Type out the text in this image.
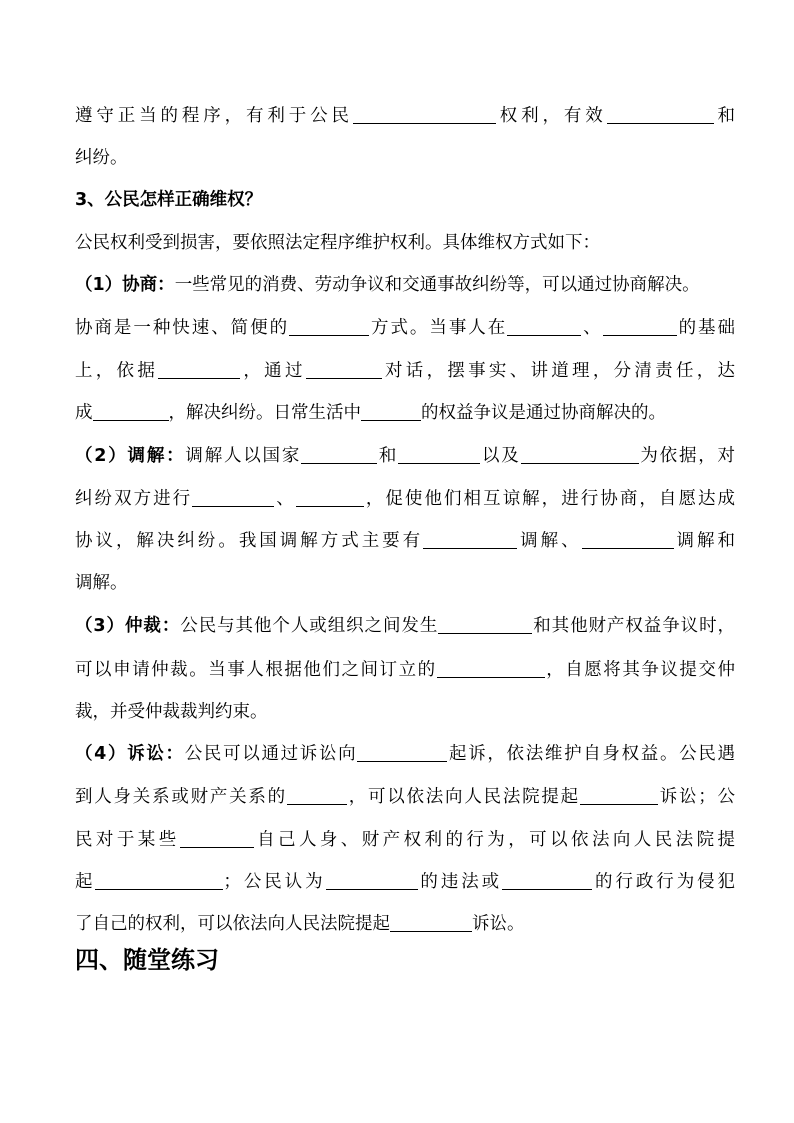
遵守正当的程序，有利于公民	权利，有效	和
纠纷。
3、公民怎样正确维权？
公民权利受到损害，要依照法定程序维护权利。具体维权方式如下：
（1）协商：一些常见的消费、劳动争议和交通事故纠纷等，可以通过协商解决。
协商是一种快速、简便的	方式。当事人在	、	的基础
上，依据	，通过	对话，摆事实、讲道理，分清责任，达
成	，解决纠纷。日常生活中	的权益争议是通过协商解决的。
（2）调解：调解人以国家	和	以及	为依据，对
纠纷双方进行	、	，促使他们相互谅解，进行协商，自愿达成
协议，解决纠纷。我国调解方式主要有	调解、	调解和
调解。
（3）仲裁：公民与其他个人或组织之间发生	和其他财产权益争议时，
可以申请仲裁。当事人根据他们之间订立的	，自愿将其争议提交仲
裁，并受仲裁裁判约束。
（4）诉讼：公民可以通过诉讼向	起诉，依法维护自身权益。公民遇
到人身关系或财产关系的	，可以依法向人民法院提起	诉讼；公
民对于某些	自己人身、财产权利的行为，可以依法向人民法院提
起	；公民认为	的违法或	的行政行为侵犯
了自己的权利，可以依法向人民法院提起	诉讼。
四、随堂练习
